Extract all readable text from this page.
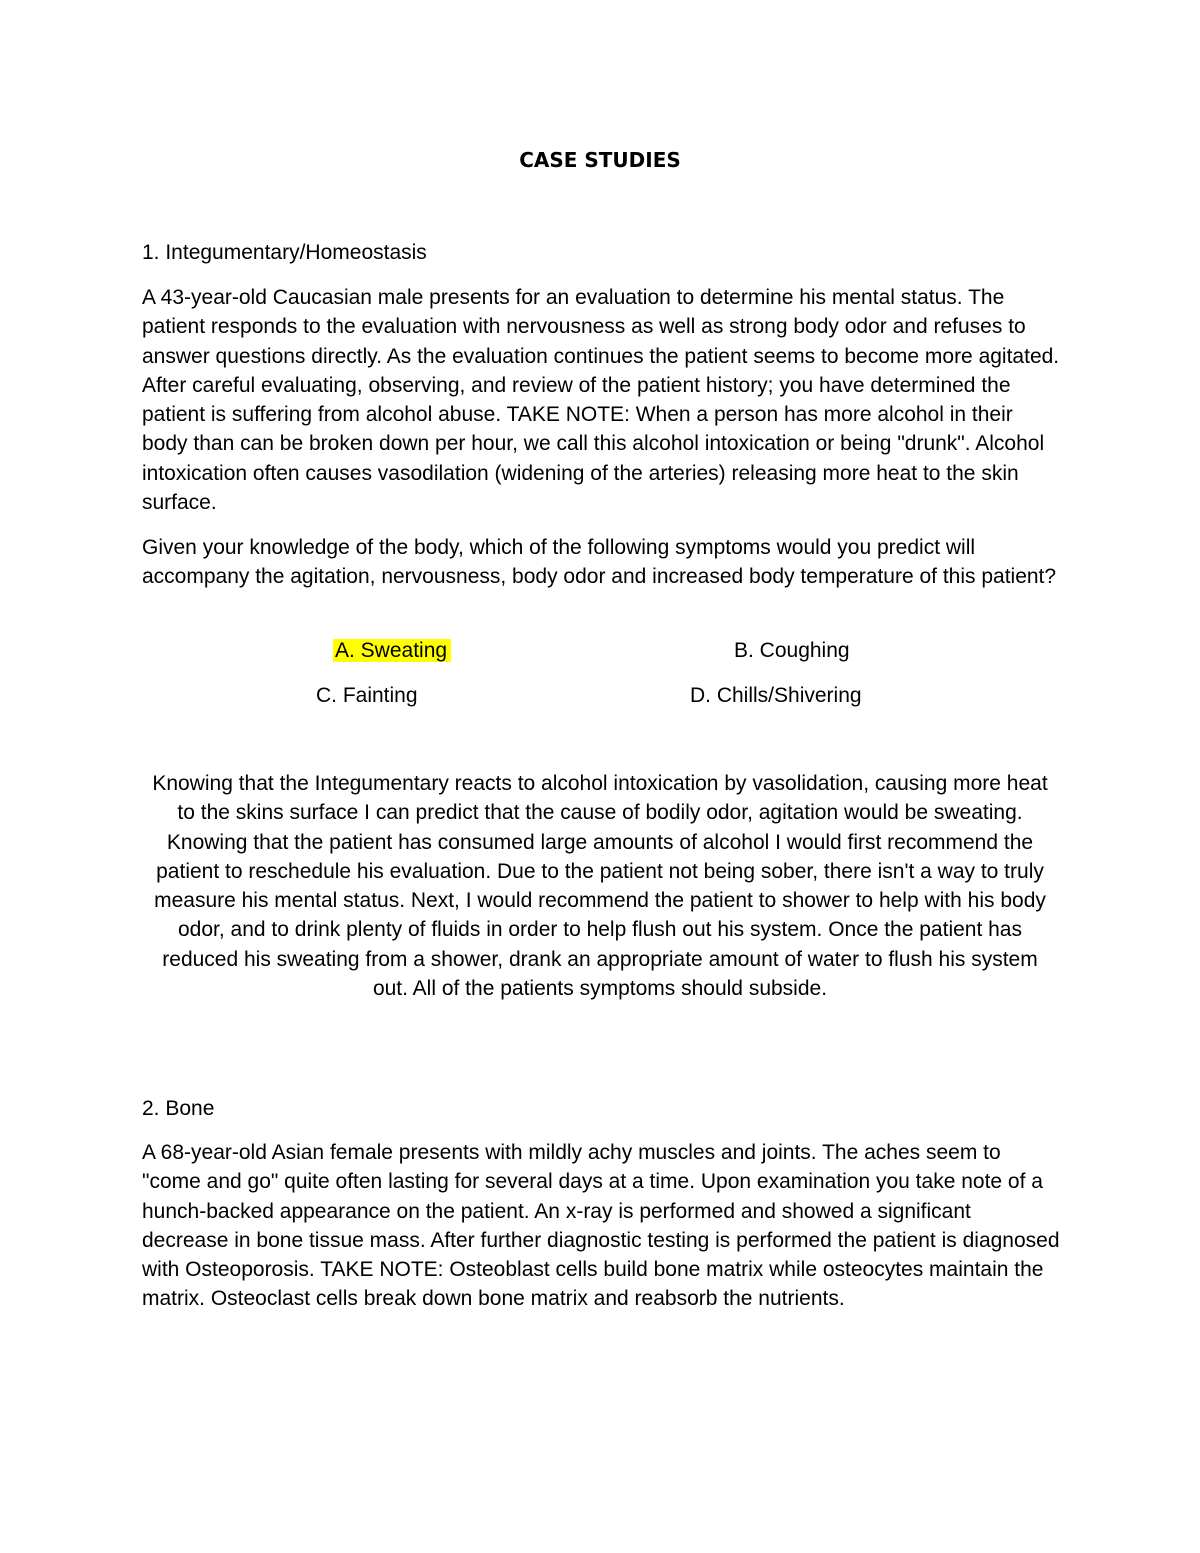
CASE STUDIES
1. Integumentary/Homeostasis

A 43-year-old Caucasian male presents for an evaluation to determine his mental status. The patient responds to the evaluation with nervousness as well as strong body odor and refuses to answer questions directly. As the evaluation continues the patient seems to become more agitated. After careful evaluating, observing, and review of the patient history; you have determined the patient is suffering from alcohol abuse. TAKE NOTE: When a person has more alcohol in their body than can be broken down per hour, we call this alcohol intoxication or being "drunk". Alcohol intoxication often causes vasodilation (widening of the arteries) releasing more heat to the skin surface.

Given your knowledge of the body, which of the following symptoms would you predict will accompany the agitation, nervousness, body odor and increased body temperature of this patient?

A. Sweating	B. Coughing
C. Fainting	D. Chills/Shivering

Knowing that the Integumentary reacts to alcohol intoxication by vasolidation, causing more heat to the skins surface I can predict that the cause of bodily odor, agitation would be sweating. Knowing that the patient has consumed large amounts of alcohol I would first recommend the patient to reschedule his evaluation. Due to the patient not being sober, there isn't a way to truly measure his mental status. Next, I would recommend the patient to shower to help with his body odor, and to drink plenty of fluids in order to help flush out his system. Once the patient has reduced his sweating from a shower, drank an appropriate amount of water to flush his system out. All of the patients symptoms should subside.

2. Bone

A 68-year-old Asian female presents with mildly achy muscles and joints. The aches seem to "come and go" quite often lasting for several days at a time. Upon examination you take note of a hunch-backed appearance on the patient. An x-ray is performed and showed a significant decrease in bone tissue mass. After further diagnostic testing is performed the patient is diagnosed with Osteoporosis. TAKE NOTE: Osteoblast cells build bone matrix while osteocytes maintain the matrix. Osteoclast cells break down bone matrix and reabsorb the nutrients.
